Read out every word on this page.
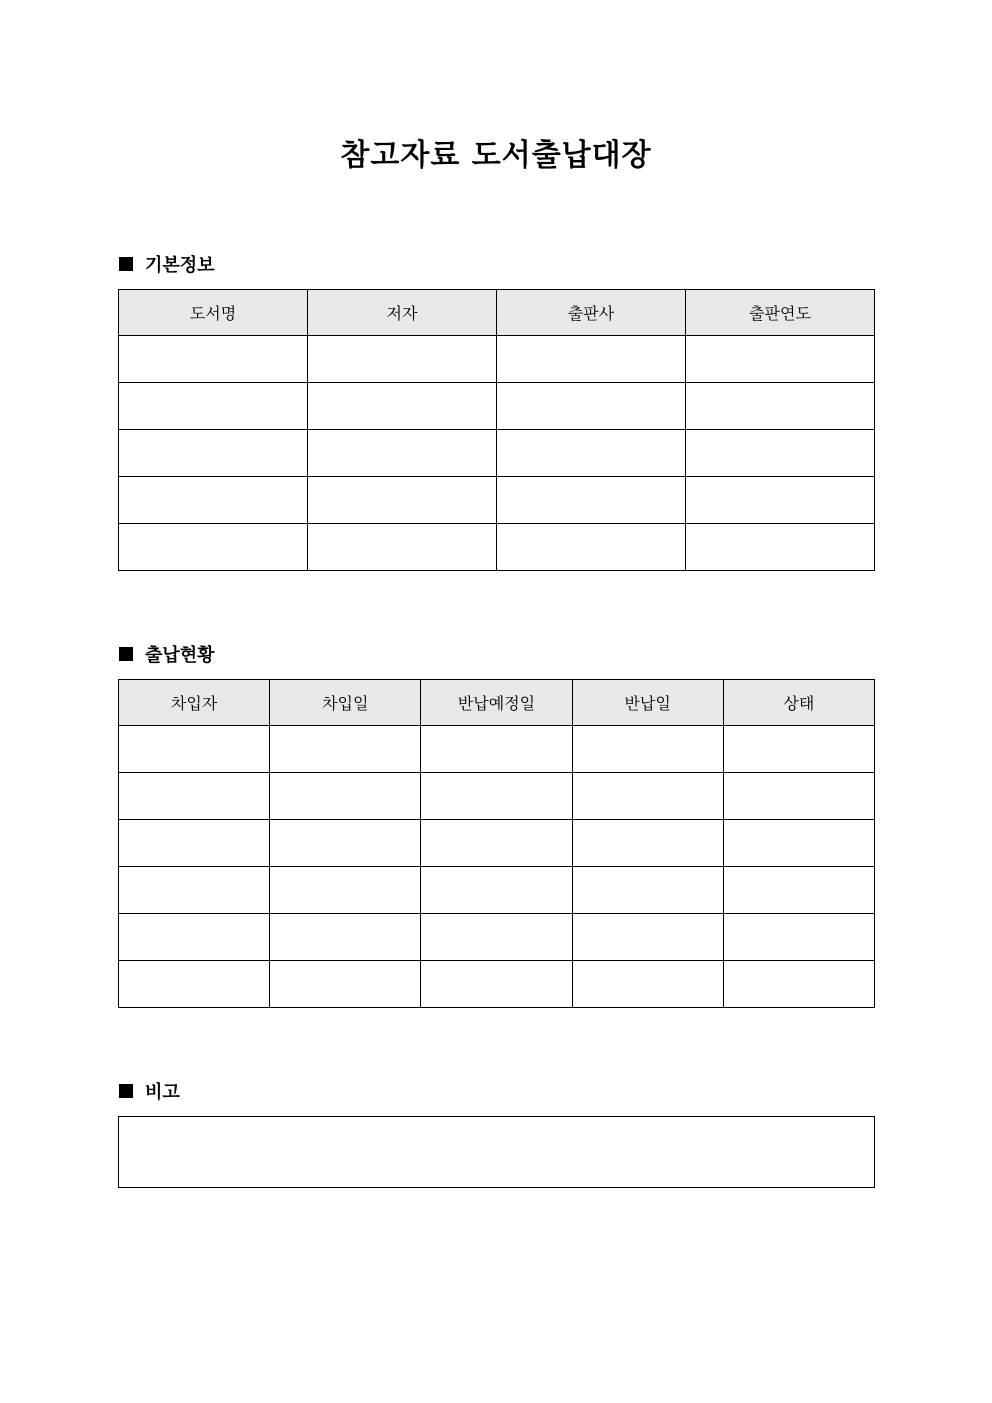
참고자료 도서출납대장
기본정보
도서명	저자	출판사	출판연도

출납현황
차입자	차입일	반납예정일	반납일	상태

비고
